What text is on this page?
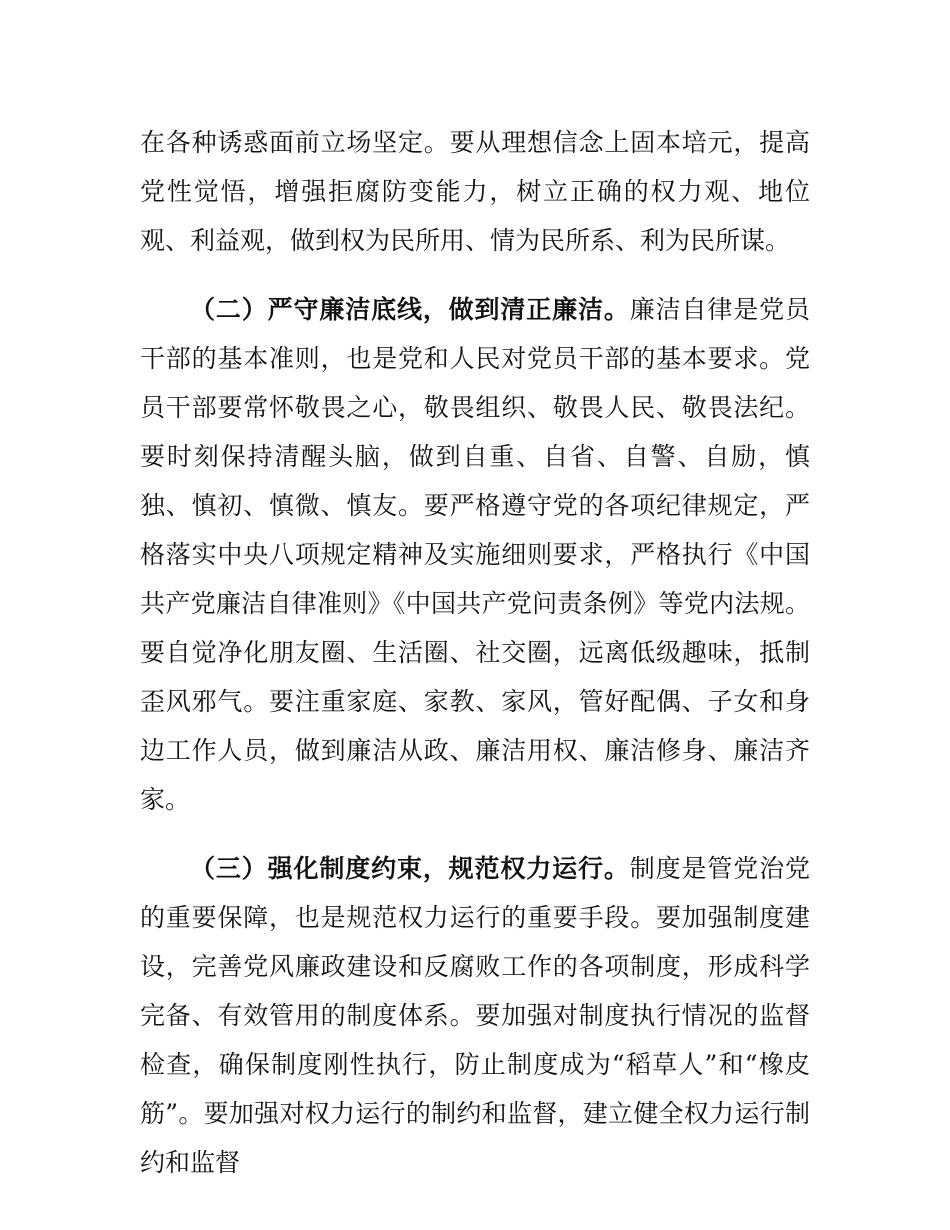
在各种诱惑面前立场坚定。要从理想信念上固本培元，提高党性觉悟，增强拒腐防变能力，树立正确的权力观、地位观、利益观，做到权为民所用、情为民所系、利为民所谋。

（二）严守廉洁底线，做到清正廉洁。廉洁自律是党员干部的基本准则，也是党和人民对党员干部的基本要求。党员干部要常怀敬畏之心，敬畏组织、敬畏人民、敬畏法纪。要时刻保持清醒头脑，做到自重、自省、自警、自励，慎独、慎初、慎微、慎友。要严格遵守党的各项纪律规定，严格落实中央八项规定精神及实施细则要求，严格执行《中国共产党廉洁自律准则》《中国共产党问责条例》等党内法规。要自觉净化朋友圈、生活圈、社交圈，远离低级趣味，抵制歪风邪气。要注重家庭、家教、家风，管好配偶、子女和身边工作人员，做到廉洁从政、廉洁用权、廉洁修身、廉洁齐家。

（三）强化制度约束，规范权力运行。制度是管党治党的重要保障，也是规范权力运行的重要手段。要加强制度建设，完善党风廉政建设和反腐败工作的各项制度，形成科学完备、有效管用的制度体系。要加强对制度执行情况的监督检查，确保制度刚性执行，防止制度成为“稻草人”和“橡皮筋”。要加强对权力运行的制约和监督，建立健全权力运行制约和监督
